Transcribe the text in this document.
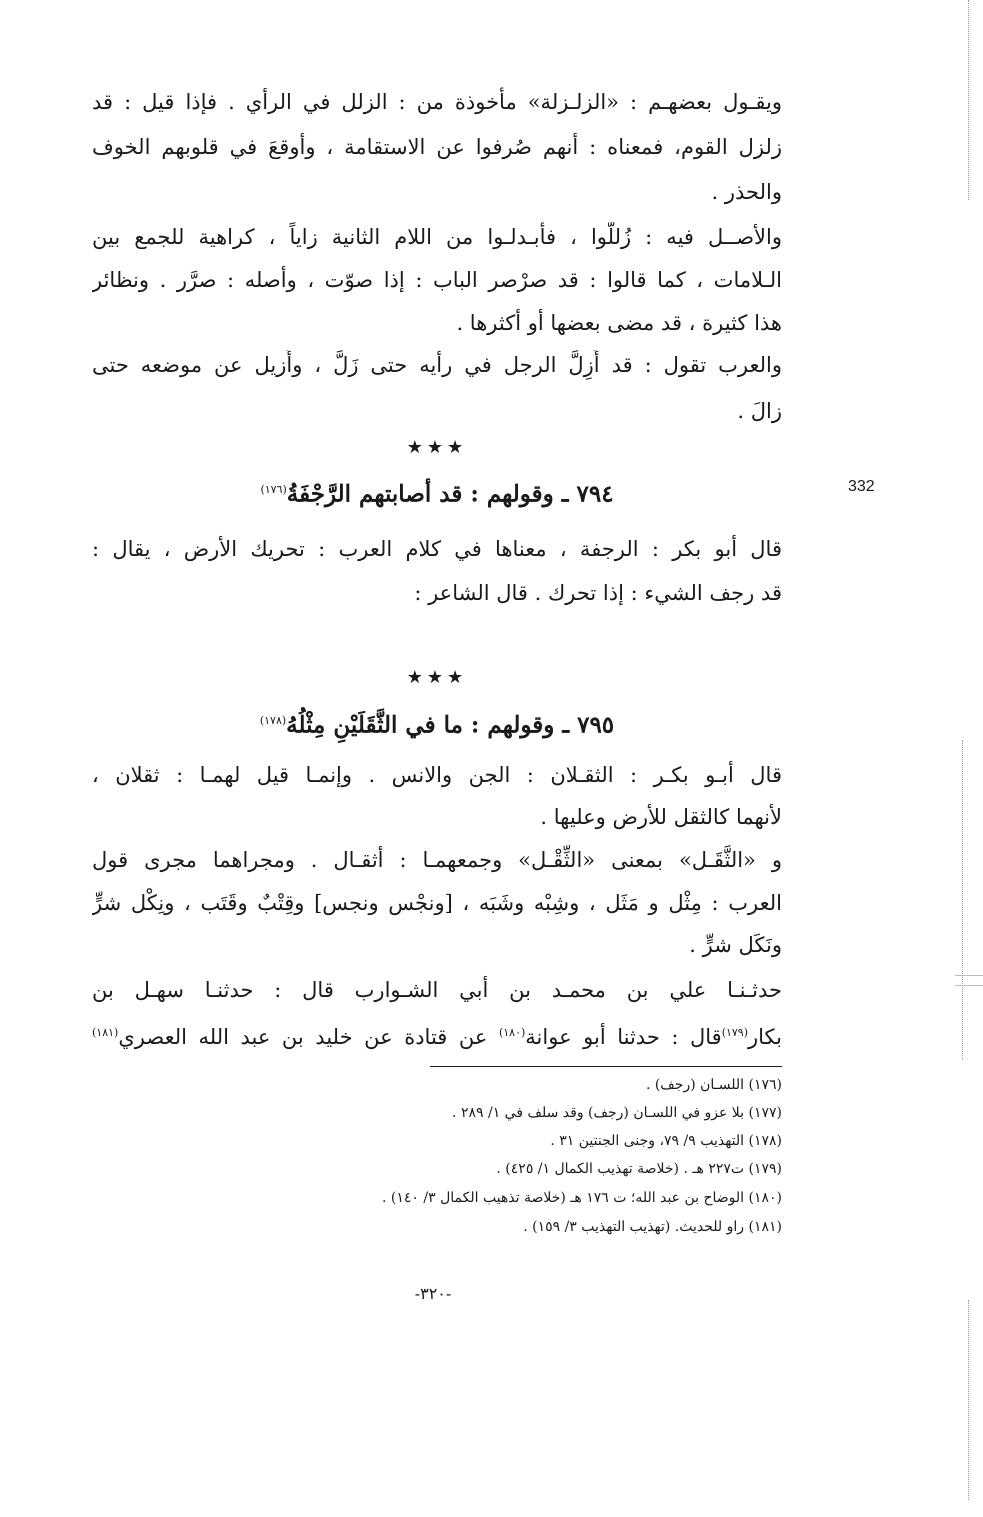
ويقـول بعضهـم : «الزلـزلة» مأخوذة من : الزلل في الرأي . فإذا قيل : قد
زلزل القوم، فمعناه : أنهم صُرفوا عن الاستقامة ، وأوقعَ في قلوبهم الخوف
والحذر .
والأصــل فيه : زُللّوا ، فأبـدلـوا من اللام الثانية زاياً ، كراهية للجمع بين
الـلامات ، كما قالوا : قد صرْصر الباب : إذا صوّت ، وأصله : صرَّر . ونظائر
هذا كثيرة ، قد مضى بعضها أو أكثرها .
والعرب تقول : قد أُزِلَّ الرجل في رأيه حتى زَلَّ ، وأُزيل عن موضعه حتى
زالَ .
★★★
٧٩٤ ـ وقولهم : قد أصابتهم الرَّجْفَةُ$^{(١٧٦)}$	332
قال أبو بكر : الرجفة ، معناها في كلام العرب : تحريك الأرض ، يقال :
قد رجف الشيء : إذا تحرك . قال الشاعر :
★★★
٧٩٥ ـ وقولهم : ما في الثَّقَلَيْنِ مِثْلُهُ$^{(١٧٨)}$
قال أبـو بكـر : الثقـلان : الجن والانس . وإنمـا قيل لهمـا : ثقلان ،
لأنهما كالثقل للأرض وعليها .
و «الثَّقَـل» بمعنى «الثِّقْـل» وجمعهمـا : أثقـال . ومجراهما مجرى قول
العرب : مِثْل و مَثَل ، وشِبْه وشَبَه ، [ونجْس ونجس] وقِتْبٌ وقَتَب ، ونِكْل شرٍّ
ونَكَل شرٍّ .
حدثـنـا علي بن محمـد بن أبي الشـوارب قال : حدثنـا سهـل بن
بكار$^{(١٧٩)}$قال : حدثنا أبو عوانة$^{(١٨٠)}$ عن قتادة عن خليد بن عبد الله العصري$^{(١٨١)}$
(١٧٦) اللسـان (رجف) .
(١٧٧) بلا عزو في اللسـان (رجف) وقد سلف في ١/ ٢٨٩ .
(١٧٨) التهذيب ٩/ ٧٩، وجنى الجنتين ٣١ .
(١٧٩) ت٢٢٧ هـ . (خلاصة تهذيب الكمال ١/ ٤٢٥) .
(١٨٠) الوضاح بن عبد الله؛ ت ١٧٦ هـ (خلاصة تذهيب الكمال ٣/ ١٤٠) .
(١٨١) راو للحديث. (تهذيب التهذيب ٣/ ١٥٩) .
-٣٢٠-
